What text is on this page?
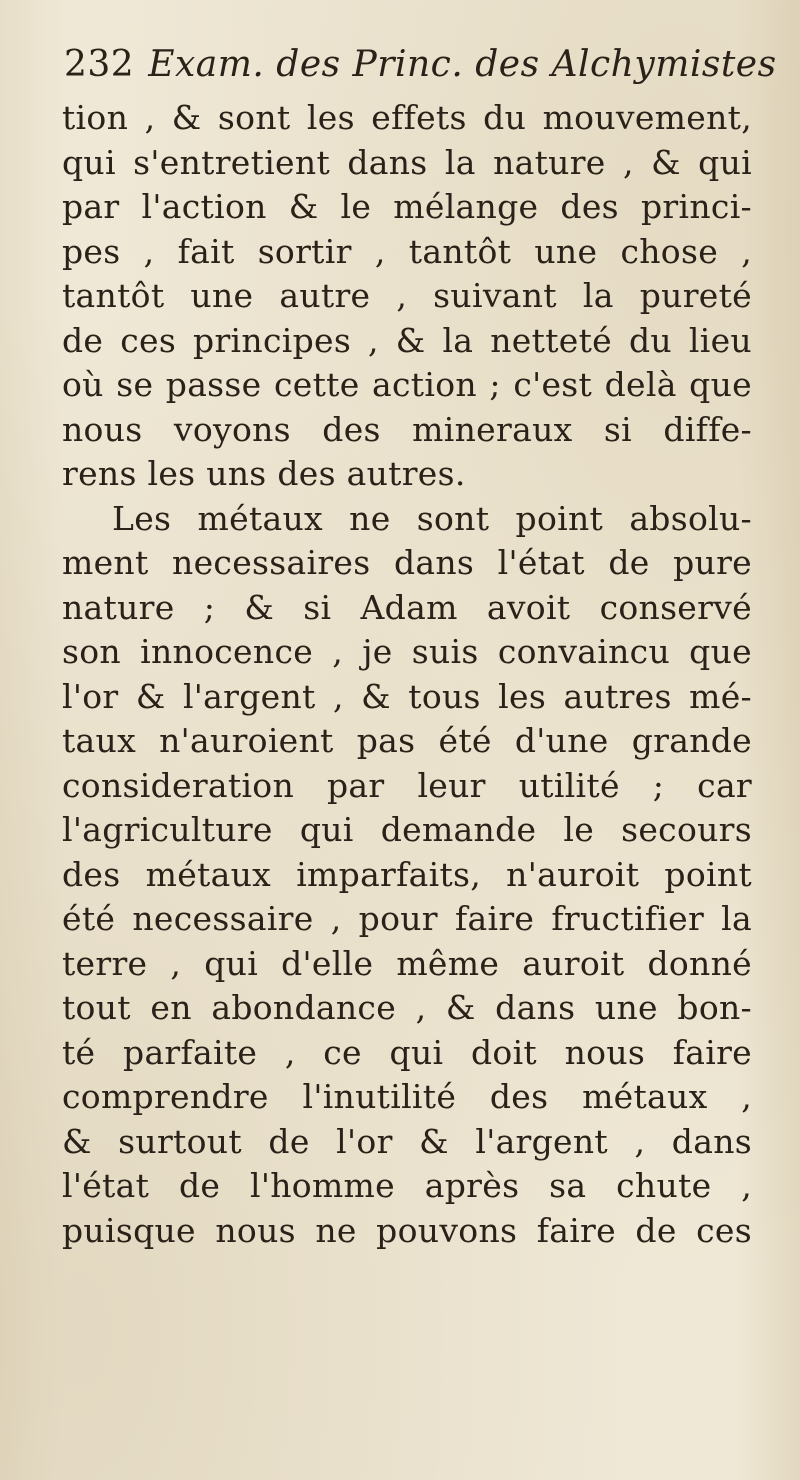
232 Exam. des Princ. des Alchymistes
tion , & sont les effets du mouvement,
qui s'entretient dans la nature , & qui
par l'action & le mélange des princi-
pes , fait sortir , tantôt une chose ,
tantôt une autre , suivant la pureté
de ces principes , & la netteté du lieu
où se passe cette action ; c'est delà que
nous voyons des mineraux si diffe-
rens les uns des autres.
Les métaux ne sont point absolu-
ment necessaires dans l'état de pure
nature ; & si Adam avoit conservé
son innocence , je suis convaincu que
l'or & l'argent , & tous les autres mé-
taux n'auroient pas été d'une grande
consideration par leur utilité ; car
l'agriculture qui demande le secours
des métaux imparfaits, n'auroit point
été necessaire , pour faire fructifier la
terre , qui d'elle même auroit donné
tout en abondance , & dans une bon-
té parfaite , ce qui doit nous faire
comprendre l'inutilité des métaux ,
& surtout de l'or & l'argent , dans
l'état de l'homme après sa chute ,
puisque nous ne pouvons faire de ces
